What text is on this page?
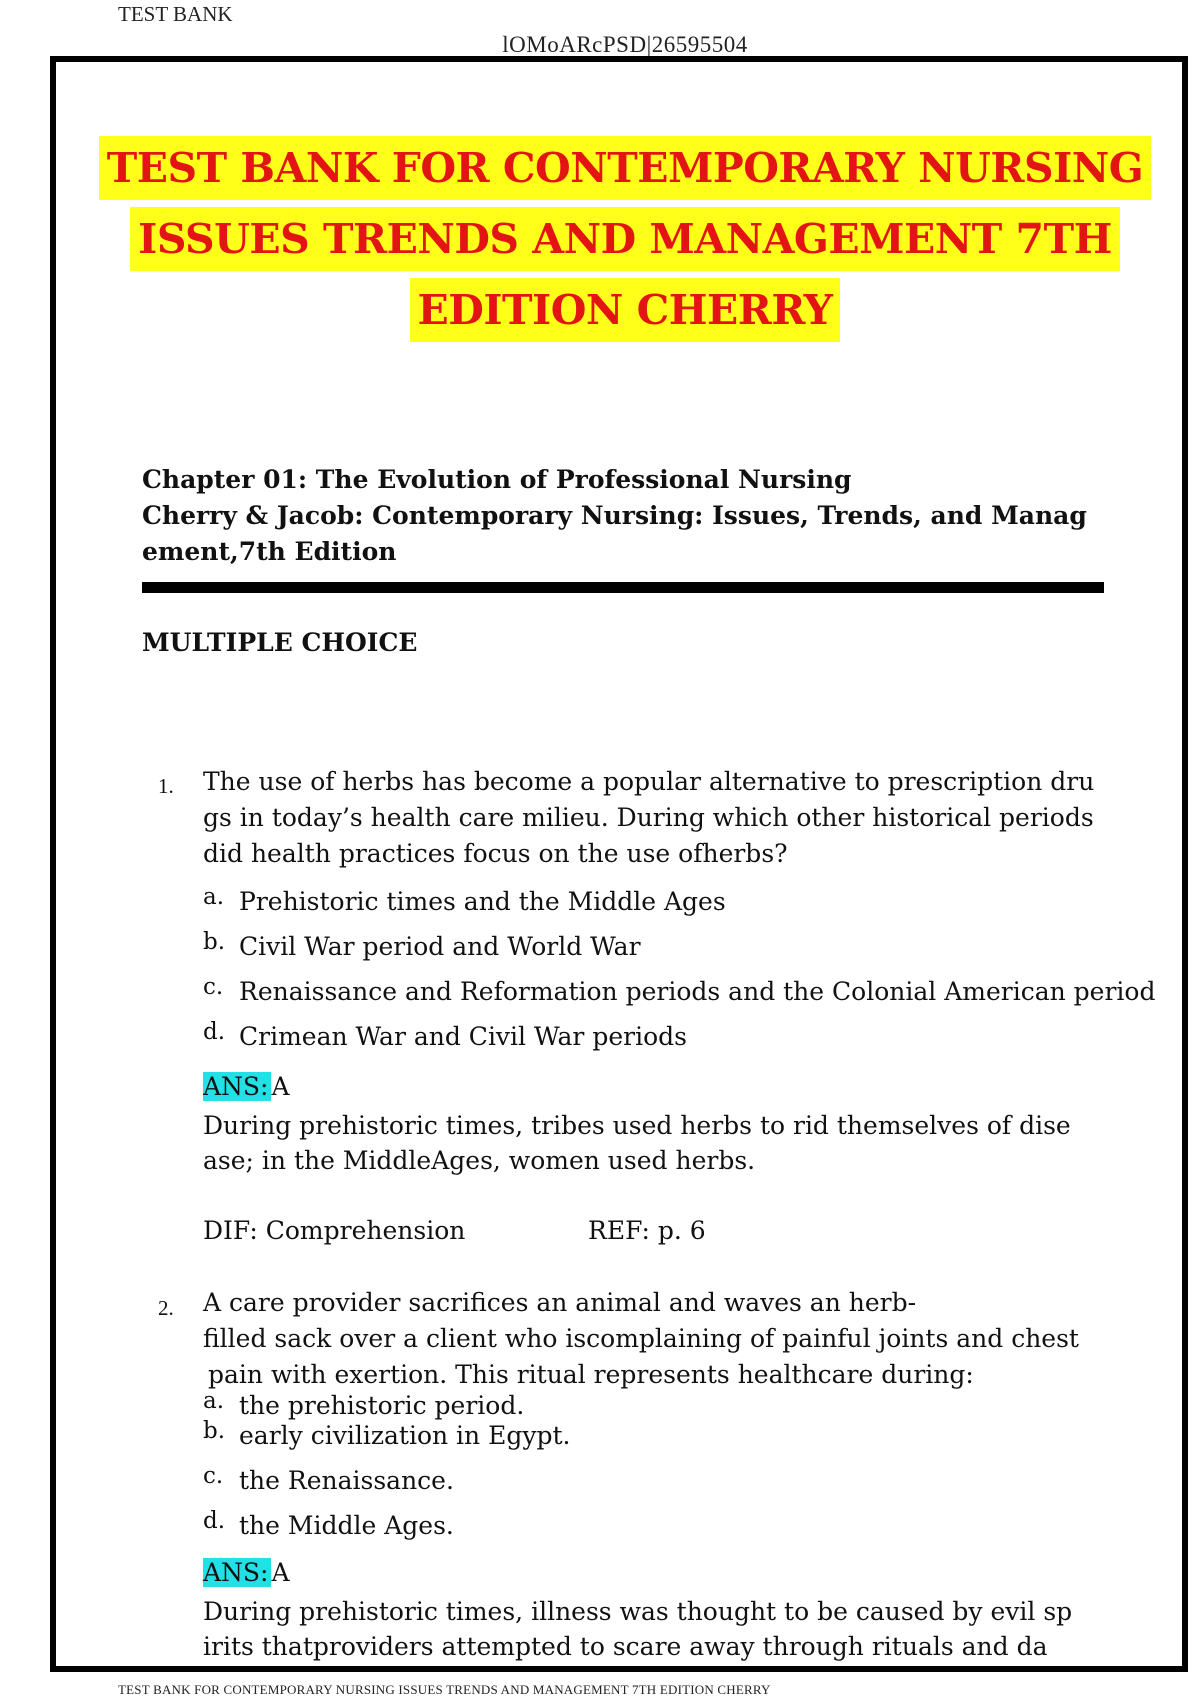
TEST BANK
lOMoARcPSD|26595504
TEST BANK FOR CONTEMPORARY NURSING
ISSUES TRENDS AND MANAGEMENT 7TH
EDITION CHERRY
Chapter 01: The Evolution of Professional Nursing
Cherry & Jacob: Contemporary Nursing: Issues, Trends, and Manag
ement,7th Edition
MULTIPLE CHOICE
1. The use of herbs has become a popular alternative to prescription dru
gs in today’s health care milieu. During which other historical periods
did health practices focus on the use ofherbs?
a. Prehistoric times and the Middle Ages
b. Civil War period and World War
c. Renaissance and Reformation periods and the Colonial American period
d. Crimean War and Civil War periods
ANS: A
During prehistoric times, tribes used herbs to rid themselves of dise
ase; in the MiddleAges, women used herbs.
DIF: Comprehension	REF: p. 6
2. A care provider sacrifices an animal and waves an herb-
filled sack over a client who iscomplaining of painful joints and chest
pain with exertion. This ritual represents healthcare during:
a. the prehistoric period.
b. early civilization in Egypt.
c. the Renaissance.
d. the Middle Ages.
ANS: A
During prehistoric times, illness was thought to be caused by evil sp
irits thatproviders attempted to scare away through rituals and da
TEST BANK FOR CONTEMPORARY NURSING ISSUES TRENDS AND MANAGEMENT 7TH EDITION CHERRY
